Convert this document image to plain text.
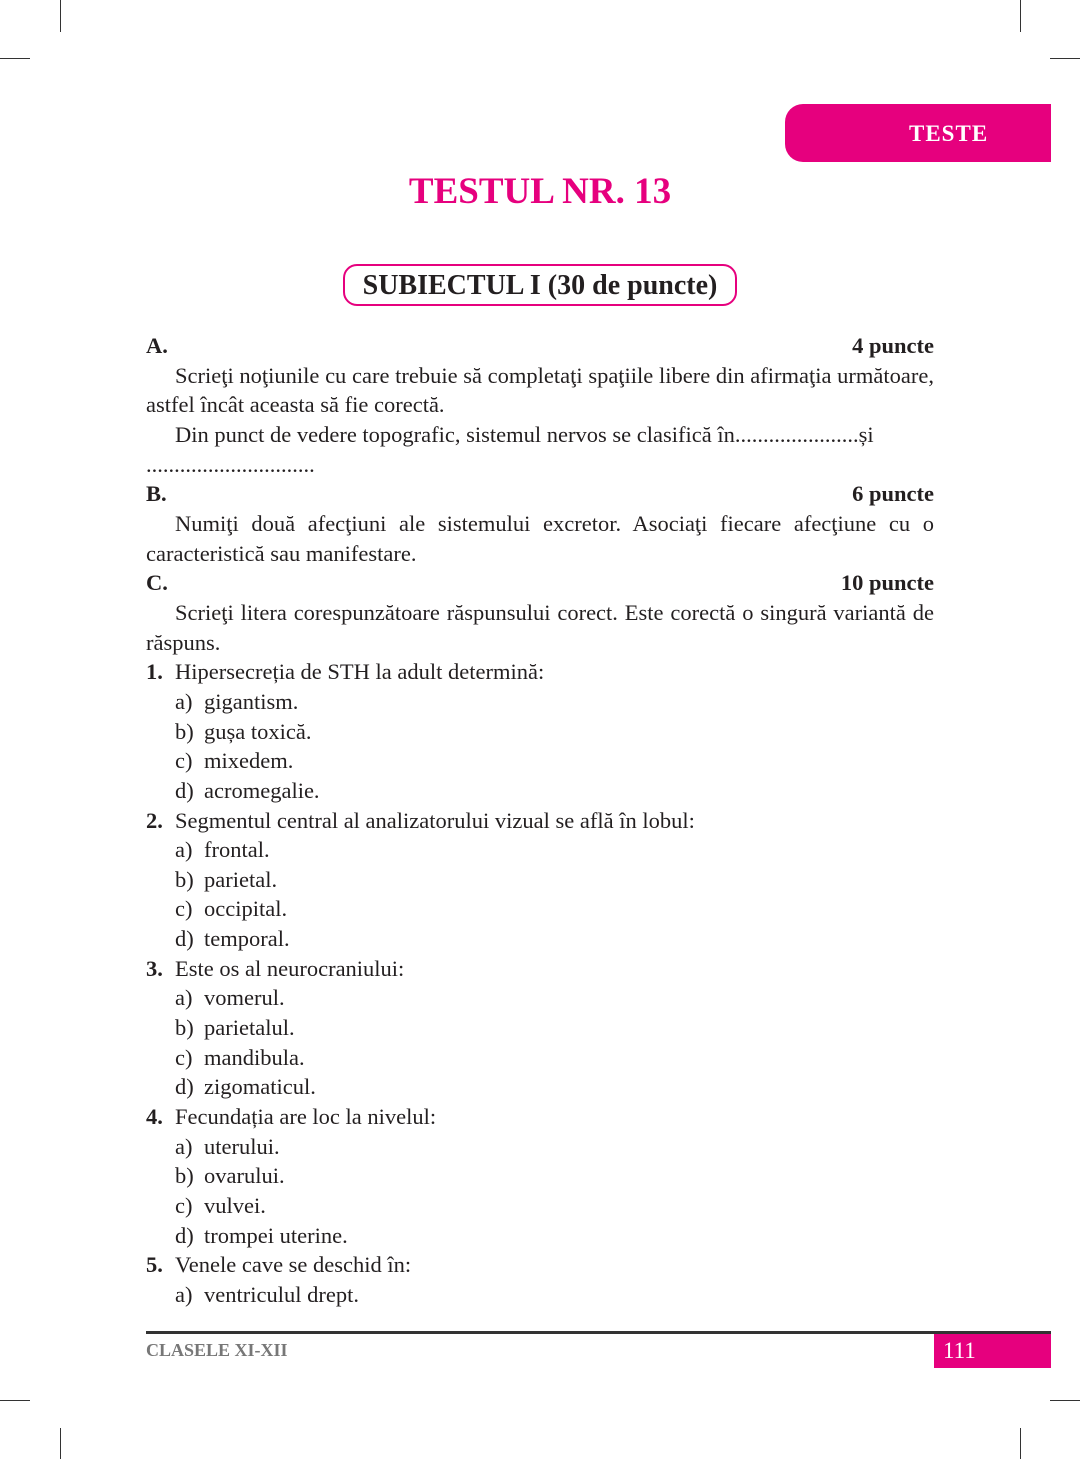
TESTE
TESTUL NR. 13
SUBIECTUL I (30 de puncte)
A.	4 puncte

Scrieţi noţiunile cu care trebuie să completaţi spaţiile libere din afirmaţia următoare, astfel încât aceasta să fie corectă.

Din punct de vedere topografic, sistemul nervos se clasifică în......................și

..............................

B.	6 puncte

Numiţi două afecţiuni ale sistemului excretor. Asociaţi fiecare afecţiune cu o caracteristică sau manifestare.

C.	10 puncte

Scrieţi litera corespunzătoare răspunsului corect. Este corectă o singură variantă de răspuns.

1. Hipersecreția de STH la adult determină:

a) gigantism.

b) gușa toxică.

c) mixedem.

d) acromegalie.

2. Segmentul central al analizatorului vizual se află în lobul:

a) frontal.

b) parietal.

c) occipital.

d) temporal.

3. Este os al neurocraniului:

a) vomerul.

b) parietalul.

c) mandibula.

d) zigomaticul.

4. Fecundația are loc la nivelul:

a) uterului.

b) ovarului.

c) vulvei.

d) trompei uterine.

5. Venele cave se deschid în:

a) ventriculul drept.

CLASELE XI-XII	111
